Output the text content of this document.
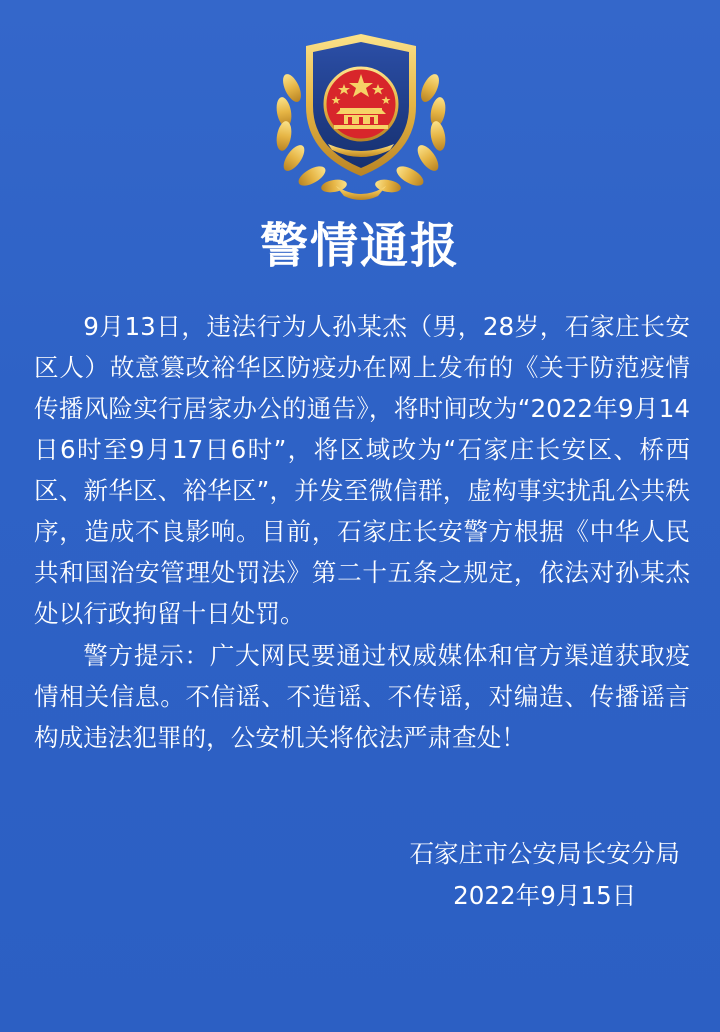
警情通报

9月13日，违法行为人孙某杰（男，28岁，石家庄长安区人）故意篡改裕华区防疫办在网上发布的《关于防范疫情传播风险实行居家办公的通告》，将时间改为“2022年9月14日6时至9月17日6时”，将区域改为“石家庄长安区、桥西区、新华区、裕华区”，并发至微信群，虚构事实扰乱公共秩序，造成不良影响。目前，石家庄长安警方根据《中华人民共和国治安管理处罚法》第二十五条之规定，依法对孙某杰处以行政拘留十日处罚。

警方提示：广大网民要通过权威媒体和官方渠道获取疫情相关信息。不信谣、不造谣、不传谣，对编造、传播谣言构成违法犯罪的，公安机关将依法严肃查处！

石家庄市公安局长安分局
2022年9月15日
